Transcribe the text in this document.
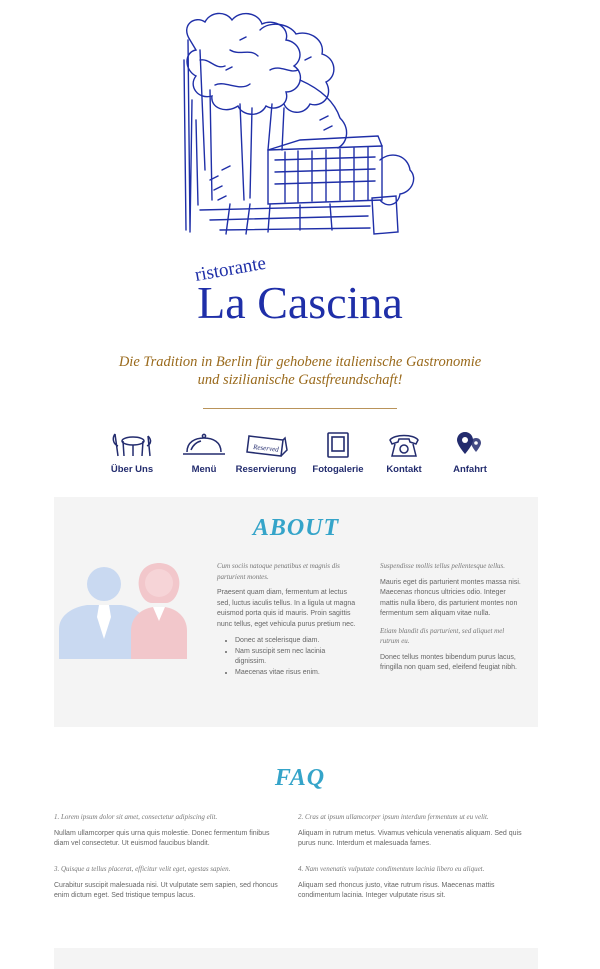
ristorante
La Cascina
Die Tradition in Berlin für gehobene italienische Gastronomie
und sizilianische Gastfreundschaft!
Über Uns	Menü
Reserved
Reservierung	Fotogalerie	Kontakt	Anfahrt
ABOUT

Cum sociis natoque penatibus et magnis dis parturient montes.

Praesent quam diam, fermentum at lectus sed, luctus iaculis tellus. In a ligula ut magna euismod porta quis id mauris. Proin sagittis nunc tellus, eget vehicula purus pretium nec.

• Donec at scelerisque diam.
• Nam suscipit sem nec lacinia dignissim.
• Maecenas vitae risus enim.

Suspendisse mollis tellus pellentesque tellus.

Mauris eget dis parturient montes massa nisi. Maecenas rhoncus ultricies odio. Integer mattis nulla libero, dis parturient montes non fermentum sem aliquam vitae nulla.

Etiam blandit dis parturient, sed aliquet mel rutrum eu.

Donec tellus montes bibendum purus lacus, fringilla non quam sed, eleifend feugiat nibh.

FAQ
1. Lorem ipsum dolor sit amet, consectetur adipiscing elit.
Nullam ullamcorper quis urna quis molestie. Donec fermentum finibus diam vel consectetur. Ut euismod faucibus blandit.
2. Cras at ipsum ullamcorper ipsum interdum fermentum ut eu velit.
Aliquam in rutrum metus. Vivamus vehicula venenatis aliquam. Sed quis purus nunc. Interdum et malesuada fames.
3. Quisque a tellus placerat, efficitur velit eget, egestas sapien.
Curabitur suscipit malesuada nisi. Ut vulputate sem sapien, sed rhoncus enim dictum eget. Sed tristique tempus lacus.
4. Nam venenatis vulputate condimentum lacinia libero eu aliquet.
Aliquam sed rhoncus justo, vitae rutrum risus. Maecenas mattis condimentum lacinia. Integer vulputate risus sit.
